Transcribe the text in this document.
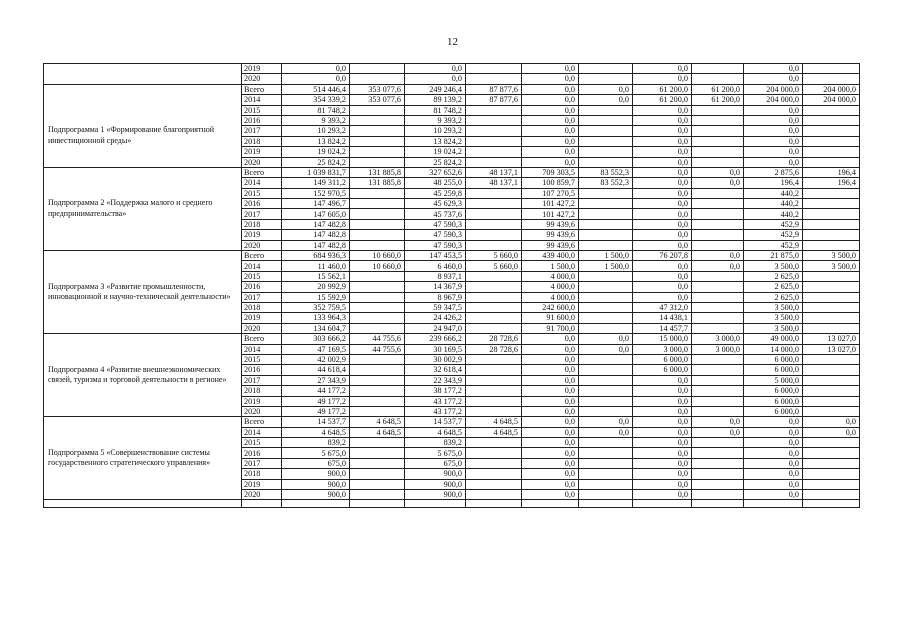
12
	2019	0,0		0,0		0,0		0,0		0,0	
	2020	0,0		0,0		0,0		0,0		0,0	
	Всего	514 446,4	353 077,6	249 246,4	87 877,6	0,0	0,0	61 200,0	61 200,0	204 000,0	204 000,0
	2014	354 339,2	353 077,6	89 139,2	87 877,6	0,0	0,0	61 200,0	61 200,0	204 000,0	204 000,0
Подпрограмма 1 «Формирование благоприятной инвестиционной среды»	2015	81 748,2		81 748,2		0,0		0,0		0,0	
	2016	9 393,2		9 393,2		0,0		0,0		0,0	
	2017	10 293,2		10 293,2		0,0		0,0		0,0	
	2018	13 824,2		13 824,2		0,0		0,0		0,0	
	2019	19 024,2		19 024,2		0,0		0,0		0,0	
	2020	25 824,2		25 824,2		0,0		0,0		0,0	
Подпрограмма 2 «Поддержка малого и среднего предпринимательства»	Всего	1 039 831,7	131 885,8	327 652,6	48 137,1	709 303,5	83 552,3	0,0	0,0	2 875,6	196,4
	2014	149 311,2	131 885,8	48 255,0	48 137,1	100 859,7	83 552,3	0,0	0,0	196,4	196,4
	2015	152 970,5		45 259,8		107 270,5		0,0		440,2	
	2016	147 496,7		45 629,3		101 427,2		0,0		440,2	
	2017	147 605,0		45 737,6		101 427,2		0,0		440,2	
	2018	147 482,8		47 590,3		99 439,6		0,0		452,9	
	2019	147 482,8		47 590,3		99 439,6		0,0		452,9	
	2020	147 482,8		47 590,3		99 439,6		0,0		452,9	
Подпрограмма 3 «Развитие промышленности, инновационной и научно-технической деятельности»	Всего	684 936,3	10 660,0	147 453,5	5 660,0	439 400,0	1 500,0	76 207,8	0,0	21 875,0	3 500,0
	2014	11 460,0	10 660,0	6 460,0	5 660,0	1 500,0	1 500,0	0,0	0,0	3 500,0	3 500,0
	2015	15 562,1		8 937,1		4 000,0		0,0		2 625,0	
	2016	20 992,9		14 367,9		4 000,0		0,0		2 625,0	
	2017	15 592,9		8 967,9		4 000,0		0,0		2 625,0	
	2018	352 759,5		59 347,5		242 600,0		47 312,0		3 500,0	
	2019	133 964,3		24 426,2		91 600,0		14 438,1		3 500,0	
	2020	134 604,7		24 947,0		91 700,0		14 457,7		3 500,0	
Подпрограмма 4 «Развитие внешнеэкономических связей, туризма и торговой деятельности в регионе»	Всего	303 666,2	44 755,6	239 666,2	28 728,6	0,0	0,0	15 000,0	3 000,0	49 000,0	13 027,0
	2014	47 169,5	44 755,6	30 169,5	28 728,6	0,0	0,0	3 000,0	3 000,0	14 000,0	13 027,0
	2015	42 002,9		30 002,9		0,0		6 000,0		6 000,0	
	2016	44 618,4		32 618,4		0,0		6 000,0		6 000,0	
	2017	27 343,9		22 343,9		0,0		0,0		5 000,0	
	2018	44 177,2		38 177,2		0,0		0,0		6 000,0	
	2019	49 177,2		43 177,2		0,0		0,0		6 000,0	
	2020	49 177,2		43 177,2		0,0		0,0		6 000,0	
Подпрограмма 5 «Совершенствование системы государственного стратегического управления»	Всего	14 537,7	4 648,5	14 537,7	4 648,5	0,0	0,0	0,0	0,0	0,0	0,0
	2014	4 648,5	4 648,5	4 648,5	4 648,5	0,0	0,0	0,0	0,0	0,0	0,0
	2015	839,2		839,2		0,0		0,0		0,0	
	2016	5 675,0		5 675,0		0,0		0,0		0,0	
	2017	675,0		675,0		0,0		0,0		0,0	
	2018	900,0		900,0		0,0		0,0		0,0	
	2019	900,0		900,0		0,0		0,0		0,0	
	2020	900,0		900,0		0,0		0,0		0,0	
